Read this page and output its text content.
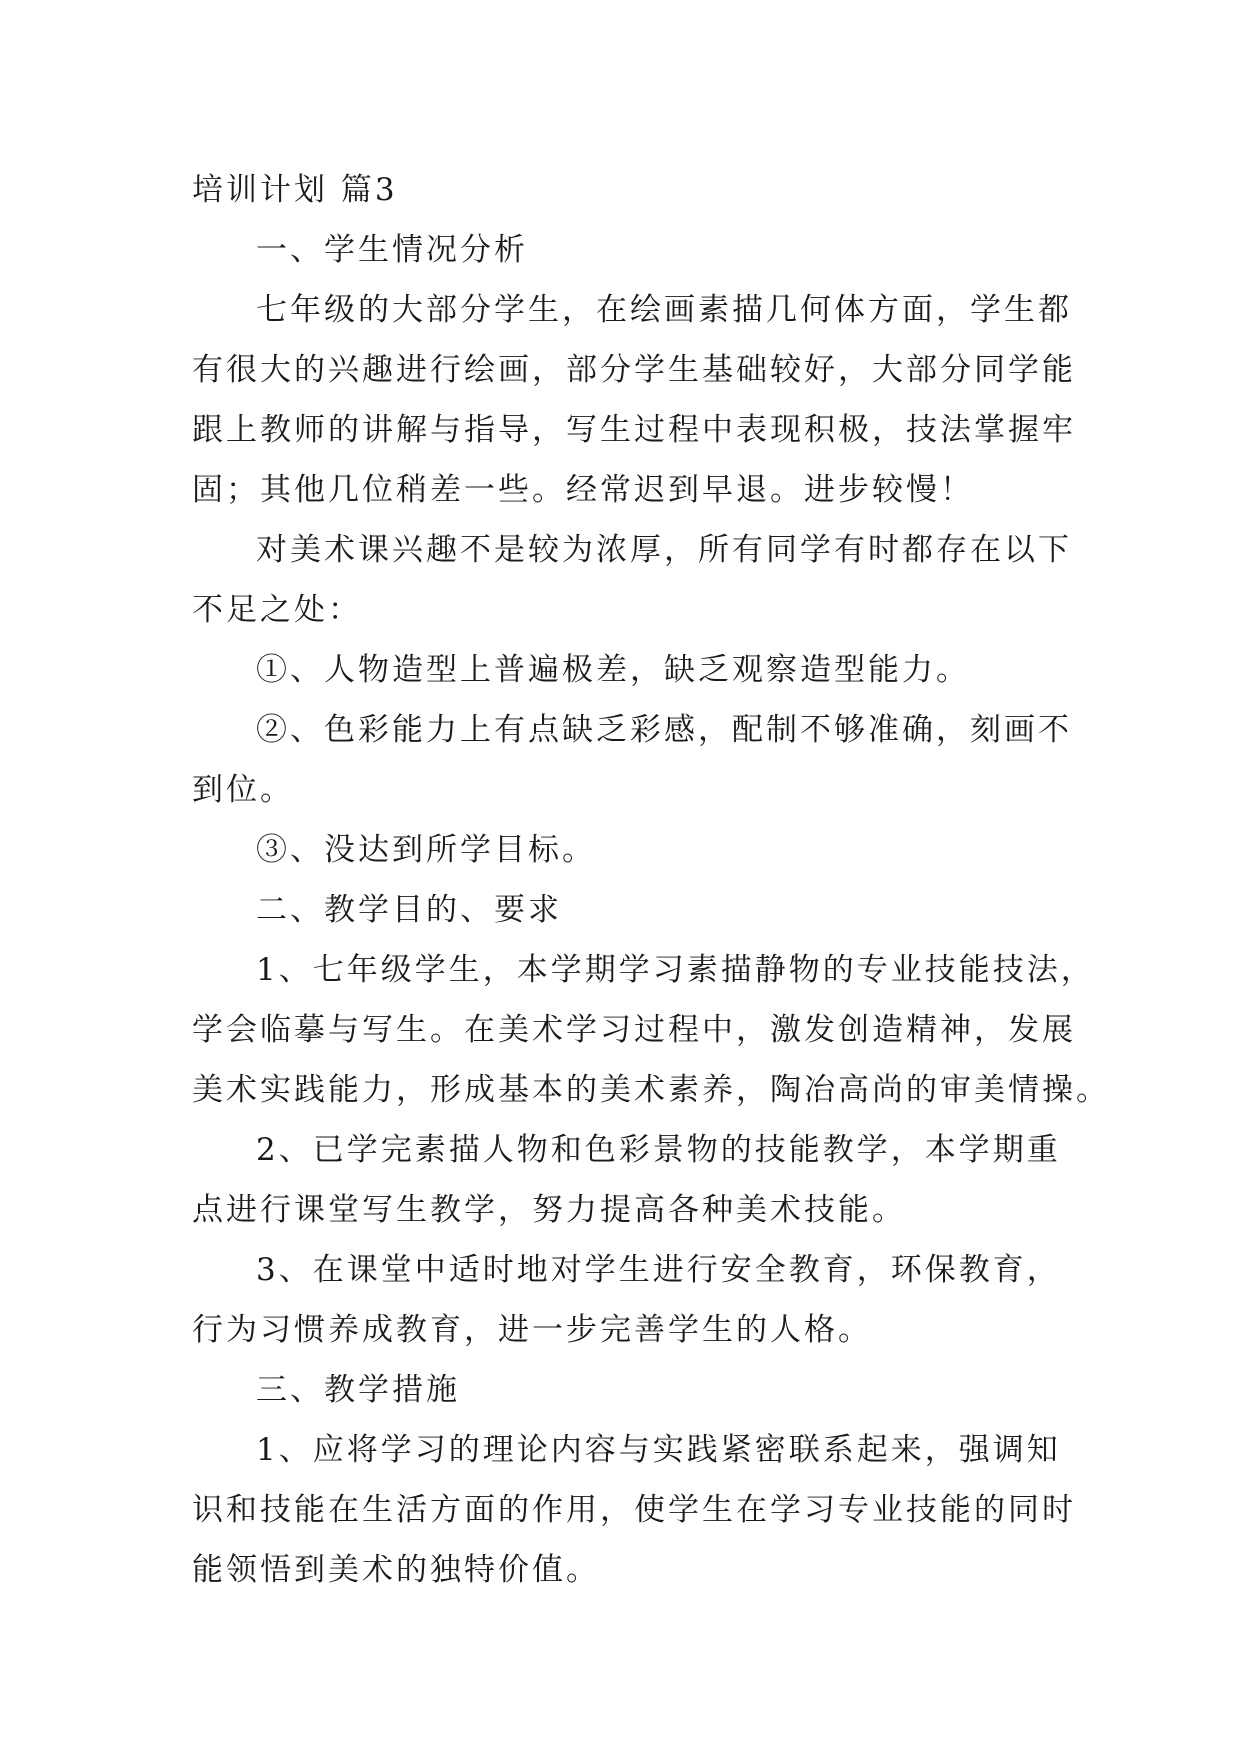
培训计划 篇3

一、学生情况分析

七年级的大部分学生，在绘画素描几何体方面，学生都

有很大的兴趣进行绘画，部分学生基础较好，大部分同学能

跟上教师的讲解与指导，写生过程中表现积极，技法掌握牢

固；其他几位稍差一些。经常迟到早退。进步较慢！

对美术课兴趣不是较为浓厚，所有同学有时都存在以下

不足之处：

①、人物造型上普遍极差，缺乏观察造型能力。

②、色彩能力上有点缺乏彩感，配制不够准确，刻画不

到位。

③、没达到所学目标。

二、教学目的、要求

1、七年级学生，本学期学习素描静物的专业技能技法，

学会临摹与写生。在美术学习过程中，激发创造精神，发展

美术实践能力，形成基本的美术素养，陶冶高尚的审美情操。

2、已学完素描人物和色彩景物的技能教学，本学期重

点进行课堂写生教学，努力提高各种美术技能。

3、在课堂中适时地对学生进行安全教育，环保教育，

行为习惯养成教育，进一步完善学生的人格。

三、教学措施

1、应将学习的理论内容与实践紧密联系起来，强调知

识和技能在生活方面的作用，使学生在学习专业技能的同时

能领悟到美术的独特价值。
